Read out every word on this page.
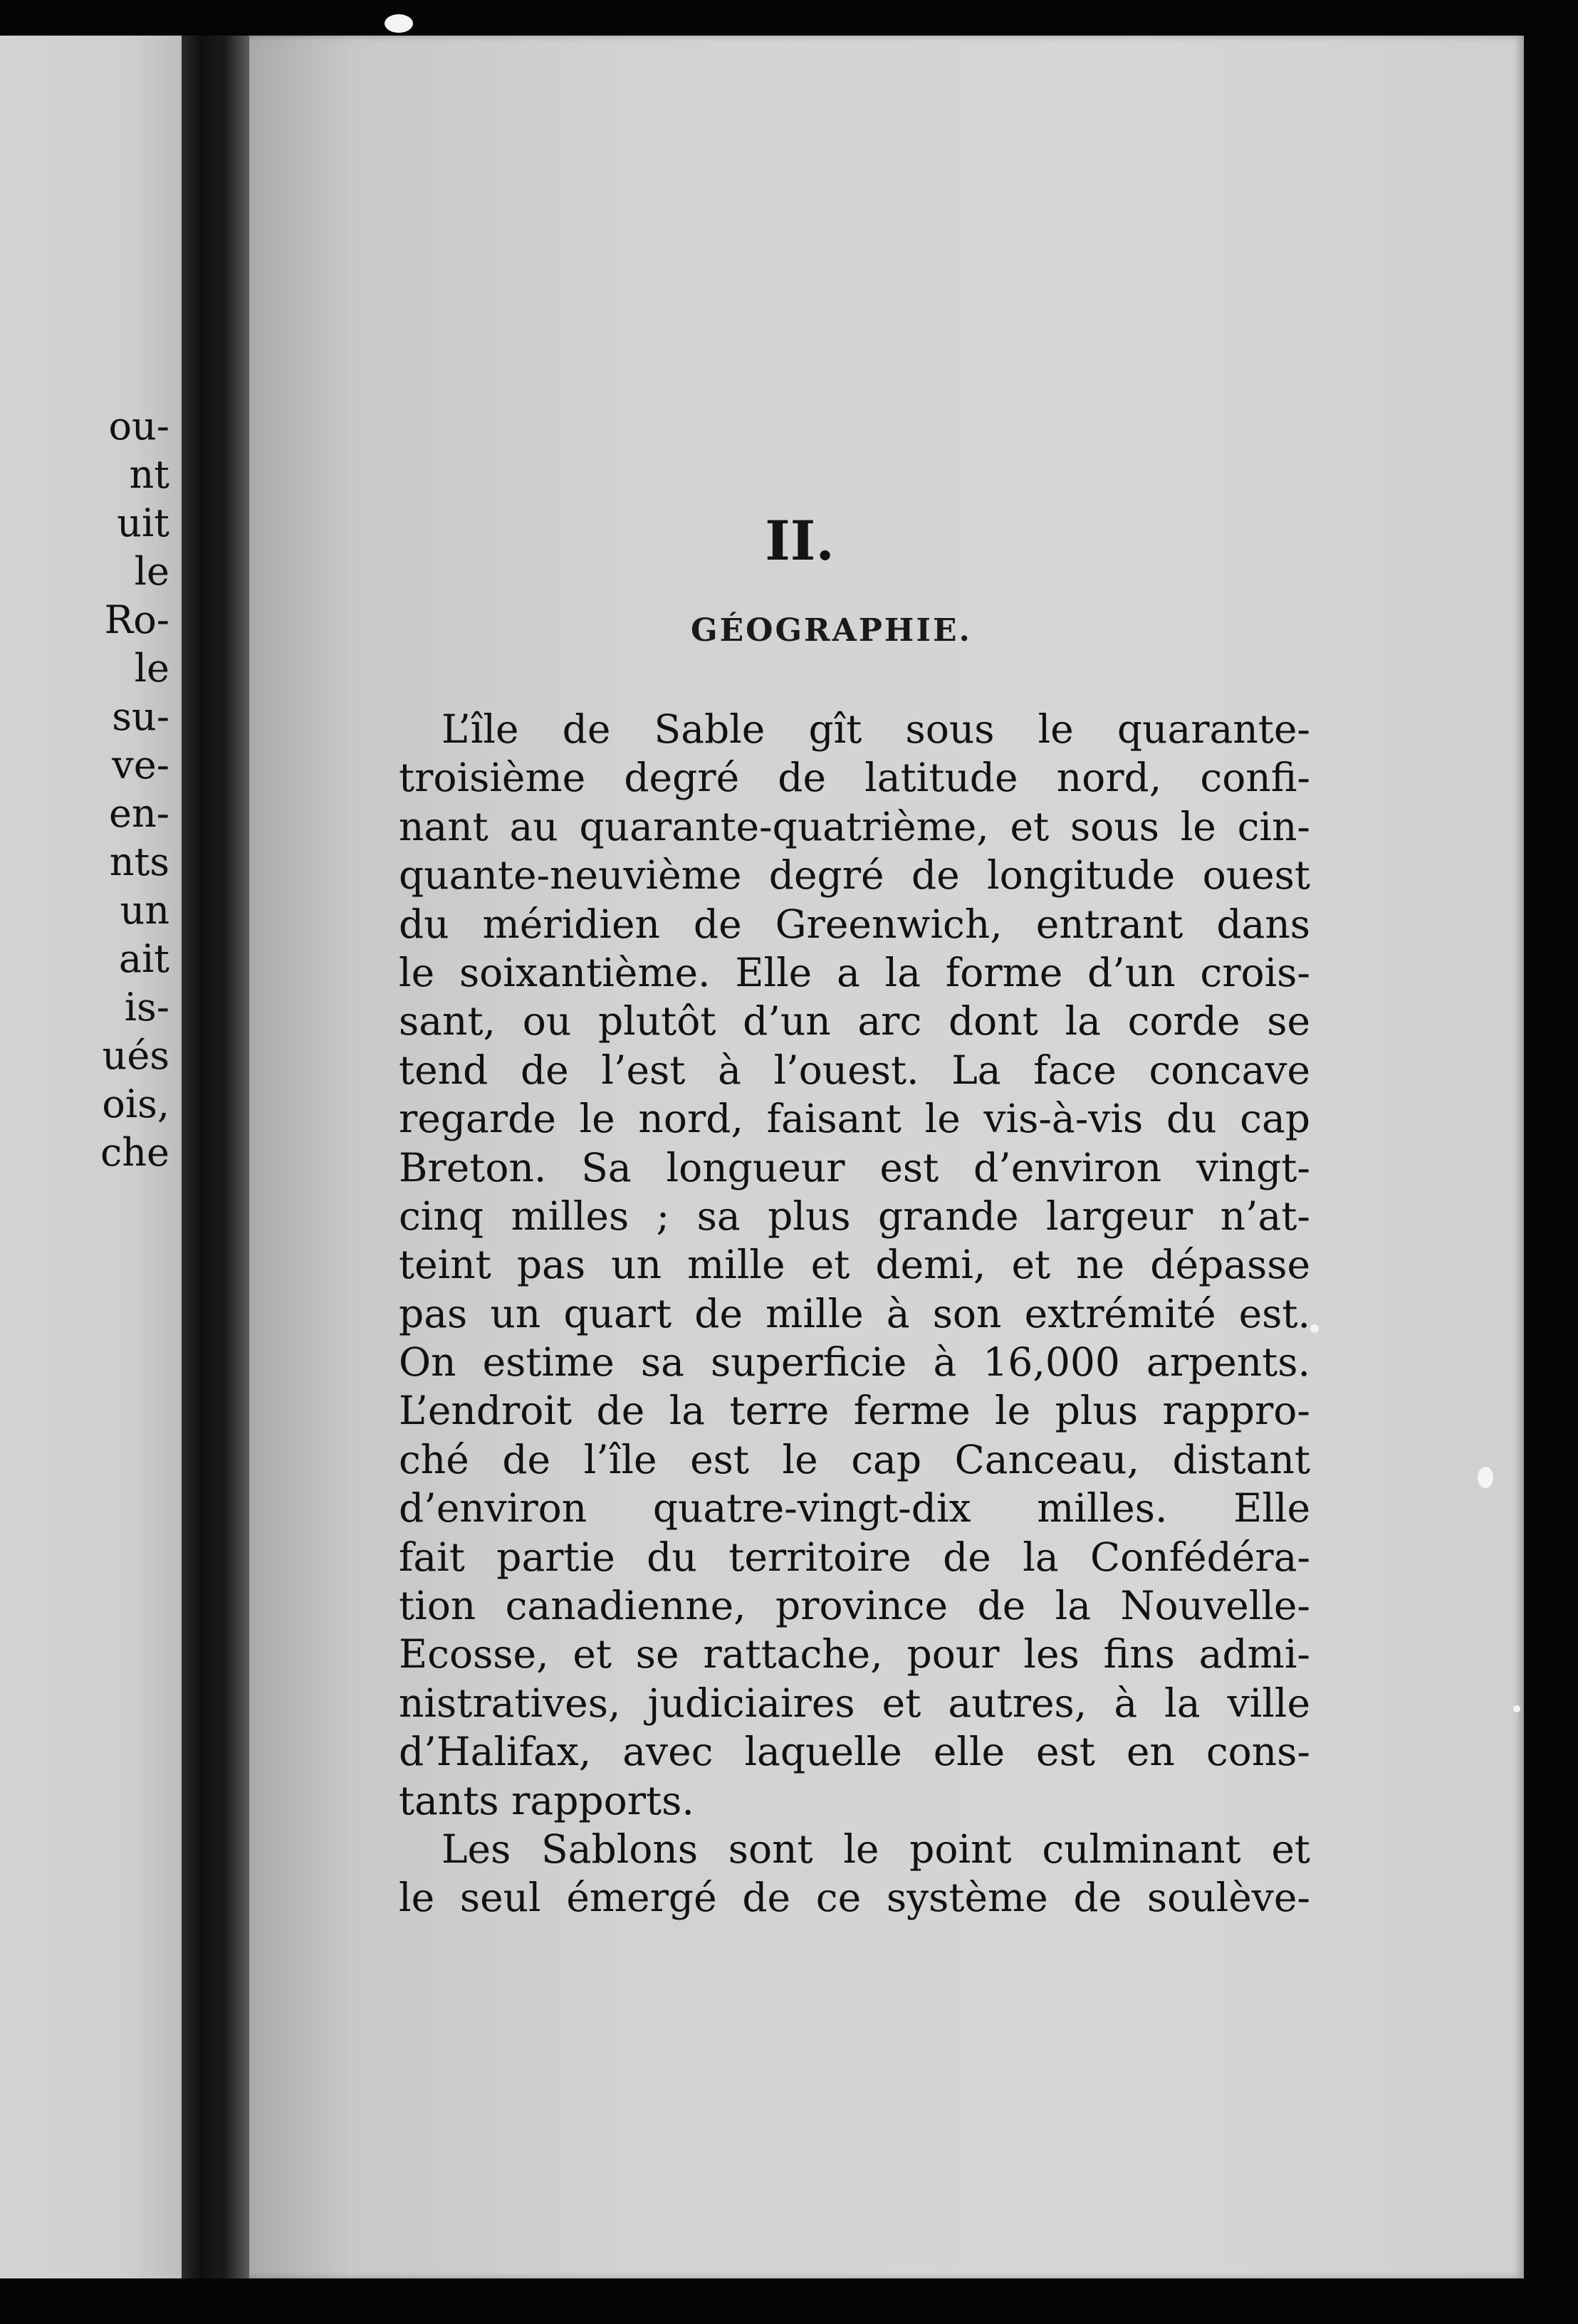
ou-
nt
uit
le
Ro-
le
su-
ve-
en-
nts
un
ait
is-
ués
ois,
che
II.
GÉOGRAPHIE.
L’île de Sable gît sous le quarante-
troisième degré de latitude nord, confi-
nant au quarante-quatrième, et sous le cin-
quante-neuvième degré de longitude ouest
du méridien de Greenwich, entrant dans
le soixantième. Elle a la forme d’un crois-
sant, ou plutôt d’un arc dont la corde se
tend de l’est à l’ouest. La face concave
regarde le nord, faisant le vis-à-vis du cap
Breton. Sa longueur est d’environ vingt-
cinq milles ; sa plus grande largeur n’at-
teint pas un mille et demi, et ne dépasse
pas un quart de mille à son extrémité est.
On estime sa superficie à 16,000 arpents.
L’endroit de la terre ferme le plus rappro-
ché de l’île est le cap Canceau, distant
d’environ quatre-vingt-dix milles. Elle
fait partie du territoire de la Confédéra-
tion canadienne, province de la Nouvelle-
Ecosse, et se rattache, pour les fins admi-
nistratives, judiciaires et autres, à la ville
d’Halifax, avec laquelle elle est en cons-
tants rapports.
Les Sablons sont le point culminant et
le seul émergé de ce système de soulève-
